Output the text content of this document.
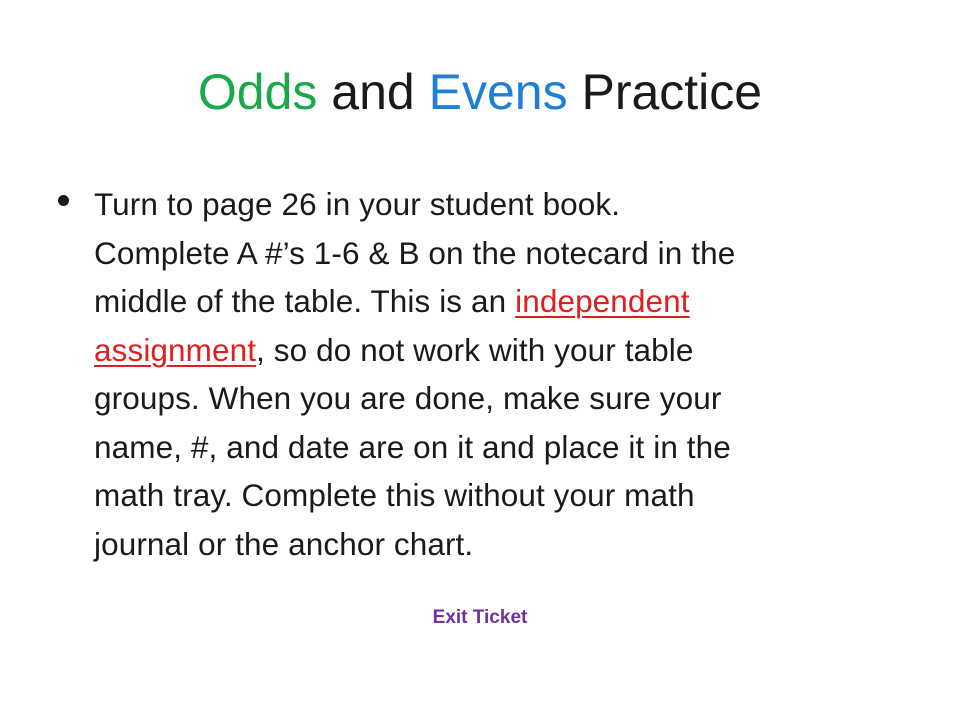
Odds and Evens Practice
Turn to page 26 in your student book.
Complete A #’s 1-6 & B on the notecard in the
middle of the table. This is an independent
assignment, so do not work with your table
groups. When you are done, make sure your
name, #, and date are on it and place it in the
math tray. Complete this without your math
journal or the anchor chart.
Exit Ticket
